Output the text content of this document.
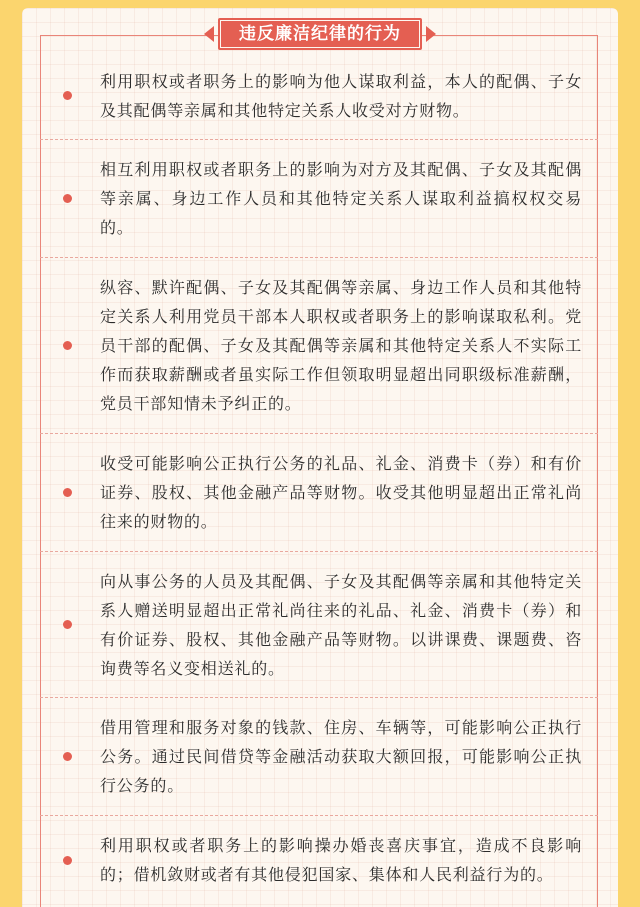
违反廉洁纪律的行为
利用职权或者职务上的影响为他人谋取利益，本人的配偶、子女及其配偶等亲属和其他特定关系人收受对方财物。
相互利用职权或者职务上的影响为对方及其配偶、子女及其配偶等亲属、身边工作人员和其他特定关系人谋取利益搞权权交易的。
纵容、默许配偶、子女及其配偶等亲属、身边工作人员和其他特定关系人利用党员干部本人职权或者职务上的影响谋取私利。党员干部的配偶、子女及其配偶等亲属和其他特定关系人不实际工作而获取薪酬或者虽实际工作但领取明显超出同职级标准薪酬，党员干部知情未予纠正的。
收受可能影响公正执行公务的礼品、礼金、消费卡（券）和有价证券、股权、其他金融产品等财物。收受其他明显超出正常礼尚往来的财物的。
向从事公务的人员及其配偶、子女及其配偶等亲属和其他特定关系人赠送明显超出正常礼尚往来的礼品、礼金、消费卡（券）和有价证券、股权、其他金融产品等财物。以讲课费、课题费、咨询费等名义变相送礼的。
借用管理和服务对象的钱款、住房、车辆等，可能影响公正执行公务。通过民间借贷等金融活动获取大额回报，可能影响公正执行公务的。
利用职权或者职务上的影响操办婚丧喜庆事宜，造成不良影响的；借机敛财或者有其他侵犯国家、集体和人民利益行为的。
